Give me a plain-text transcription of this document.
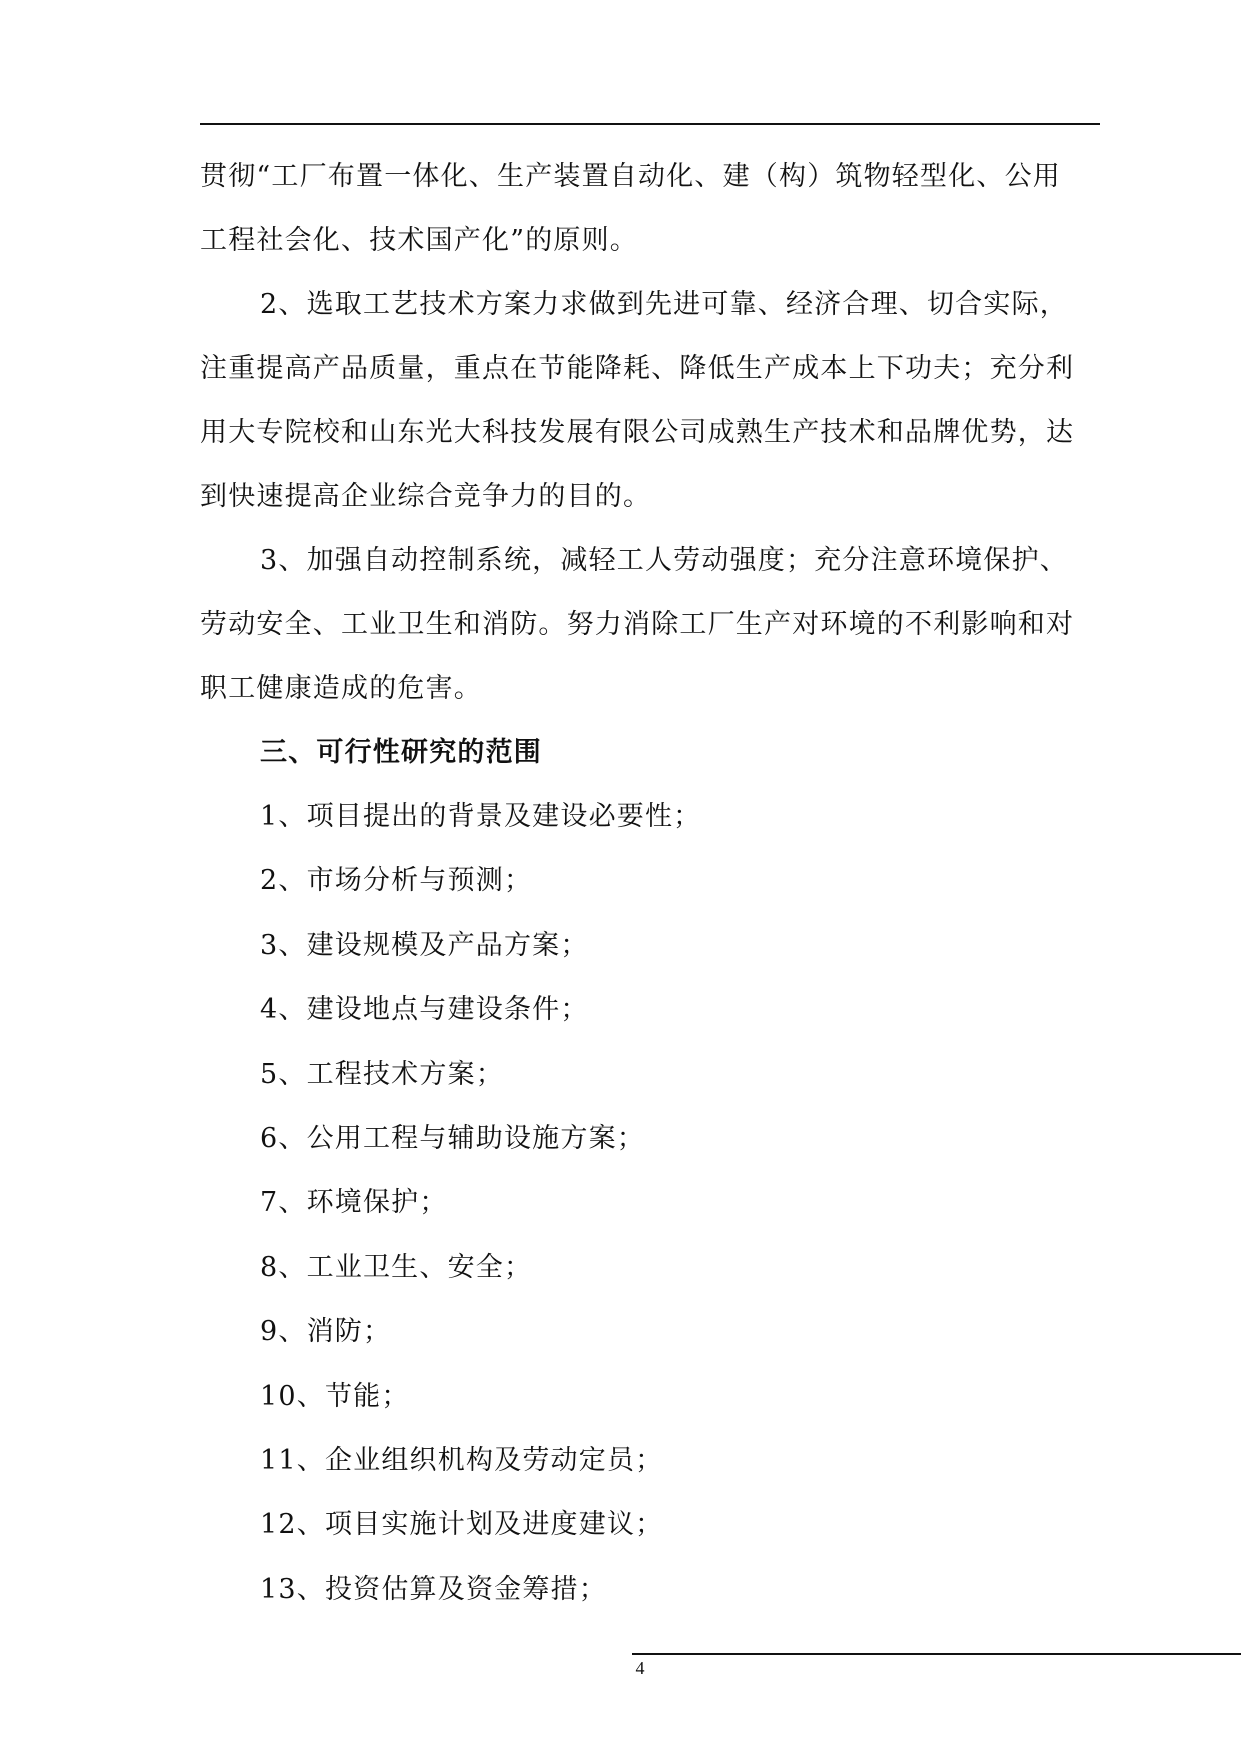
贯彻“工厂布置一体化、生产装置自动化、建（构）筑物轻型化、公用
工程社会化、技术国产化”的原则。

2、选取工艺技术方案力求做到先进可靠、经济合理、切合实际，
注重提高产品质量，重点在节能降耗、降低生产成本上下功夫；充分利
用大专院校和山东光大科技发展有限公司成熟生产技术和品牌优势，达
到快速提高企业综合竞争力的目的。

3、加强自动控制系统，减轻工人劳动强度；充分注意环境保护、
劳动安全、工业卫生和消防。努力消除工厂生产对环境的不利影响和对
职工健康造成的危害。

三、可行性研究的范围
1、项目提出的背景及建设必要性；
2、市场分析与预测；
3、建设规模及产品方案；
4、建设地点与建设条件；
5、工程技术方案；
6、公用工程与辅助设施方案；
7、环境保护；
8、工业卫生、安全；
9、消防；
10、节能；
11、企业组织机构及劳动定员；
12、项目实施计划及进度建议；
13、投资估算及资金筹措；
4
